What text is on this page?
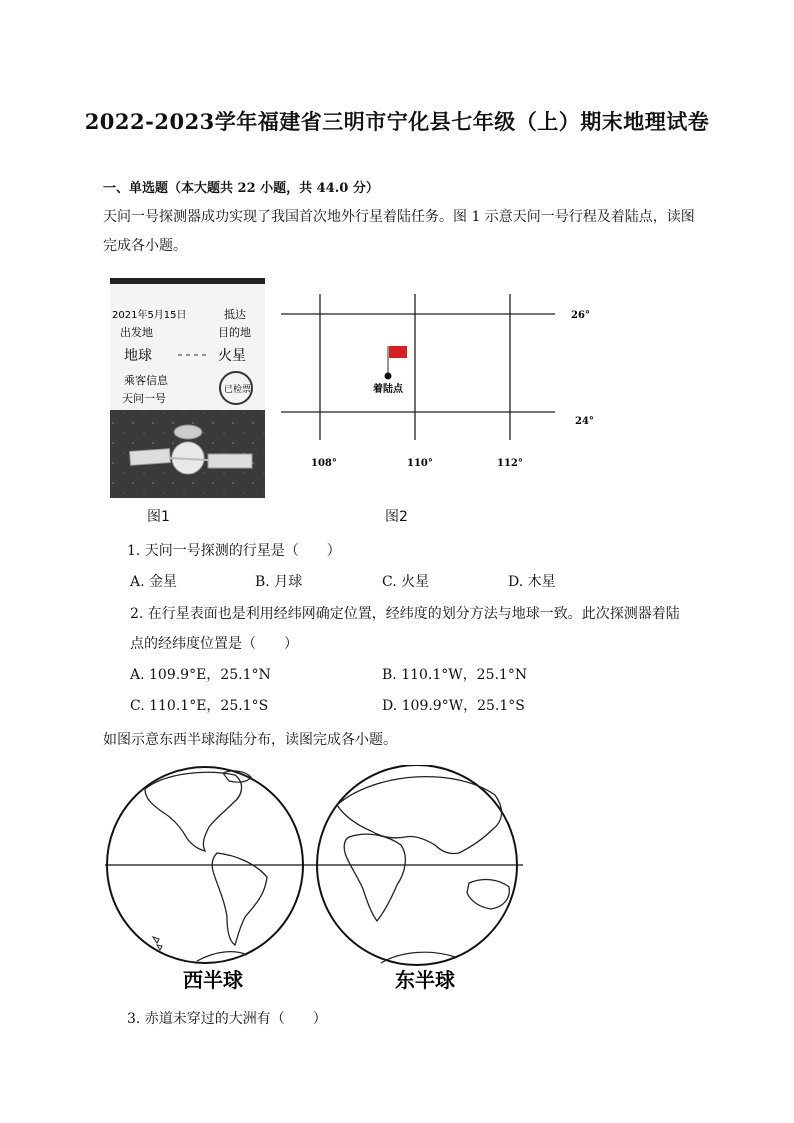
2022-2023学年福建省三明市宁化县七年级（上）期末地理试卷
一、单选题（本大题共 22 小题，共 44.0 分）
天问一号探测器成功实现了我国首次地外行星着陆任务。图 1 示意天问一号行程及着陆点，读图
完成各小题。
2021年5月15日
出发地
抵达
目的地
地球	火星
乘客信息
天问一号
已检票
图1
26°
24°
108°	110°	112°
着陆点
图2
1. 天问一号探测的行星是（　　）
A. 金星	B. 月球	C. 火星	D. 木星
2. 在行星表面也是利用经纬网确定位置，经纬度的划分方法与地球一致。此次探测器着陆
点的经纬度位置是（　　）
A. 109.9°E，25.1°N	B. 110.1°W，25.1°N
C. 110.1°E，25.1°S	D. 109.9°W，25.1°S
如图示意东西半球海陆分布，读图完成各小题。
西半球	东半球
3. 赤道未穿过的大洲有（　　）
